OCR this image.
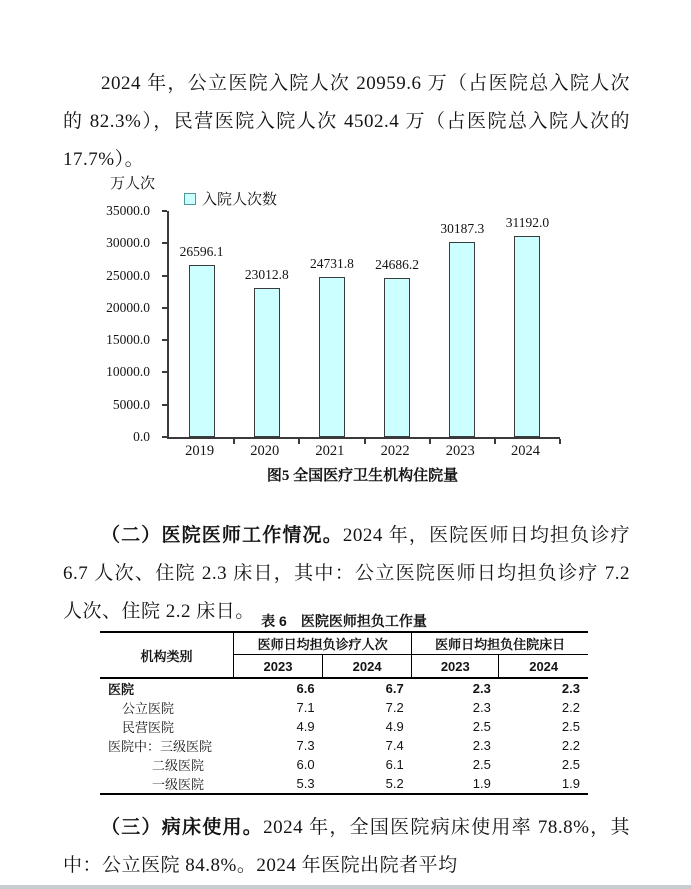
2024 年，公立医院入院人次 20959.6 万（占医院总入院人次的 82.3%），民营医院入院人次 4502.4 万（占医院总入院人次的 17.7%）。

万人次
入院人次数
0.0
5000.0
10000.0
15000.0
20000.0
25000.0
30000.0
35000.0
26596.1
23012.8
24731.8 24686.2
30187.3 31192.0
2019	2020	2021	2022	2023	2024
图5 全国医疗卫生机构住院量

（二）医院医师工作情况。2024 年，医院医师日均担负诊疗 6.7 人次、住院 2.3 床日，其中：公立医院医师日均担负诊疗 7.2 人次、住院 2.2 床日。 表 6　医院医师担负工作量
机构类别	医师日均担负诊疗人次		医师日均担负住院床日	
	2023	2024	2023	2024
医院	6.6	6.7	2.3	2.3
公立医院	7.1	7.2	2.3	2.2
民营医院	4.9	4.9	2.5	2.5
医院中：三级医院	7.3	7.4	2.3	2.2
二级医院	6.0	6.1	2.5	2.5
一级医院	5.3	5.2	1.9	1.9

（三）病床使用。2024 年，全国医院病床使用率 78.8%，其中：公立医院 84.8%。2024 年医院出院者平均
